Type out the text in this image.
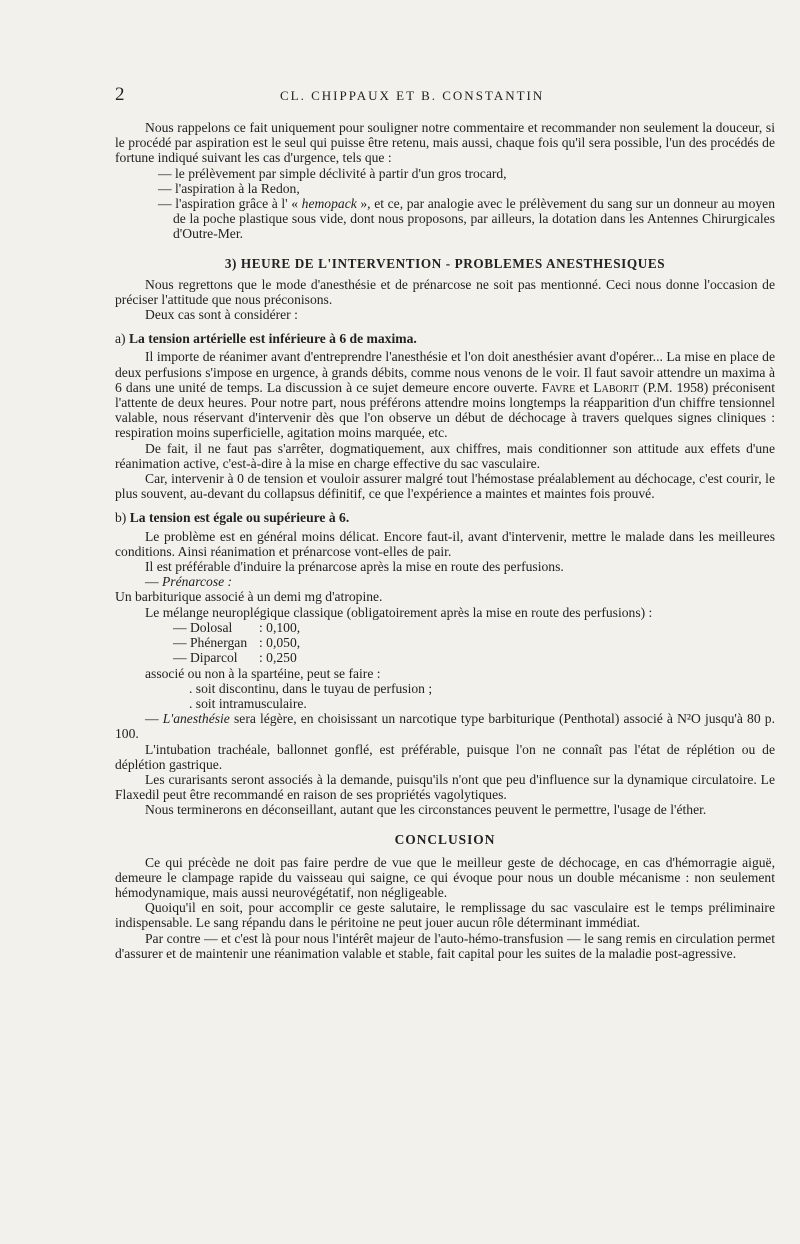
2	CL. CHIPPAUX ET B. CONSTANTIN

Nous rappelons ce fait uniquement pour souligner notre commentaire et recommander non seulement la douceur, si le procédé par aspiration est le seul qui puisse être retenu, mais aussi, chaque fois qu'il sera possible, l'un des procédés de fortune indiqué suivant les cas d'urgence, tels que :

— le prélèvement par simple déclivité à partir d'un gros trocard,

— l'aspiration à la Redon,

— l'aspiration grâce à l' « hemopack », et ce, par analogie avec le prélèvement du sang sur un donneur au moyen de la poche plastique sous vide, dont nous proposons, par ailleurs, la dotation dans les Antennes Chirurgicales d'Outre-Mer.

3) HEURE DE L'INTERVENTION - PROBLEMES ANESTHESIQUES

Nous regrettons que le mode d'anesthésie et de prénarcose ne soit pas mentionné. Ceci nous donne l'occasion de préciser l'attitude que nous préconisons.

Deux cas sont à considérer :

a) La tension artérielle est inférieure à 6 de maxima.

Il importe de réanimer avant d'entreprendre l'anesthésie et l'on doit anesthésier avant d'opérer... La mise en place de deux perfusions s'impose en urgence, à grands débits, comme nous venons de le voir. Il faut savoir attendre un maxima à 6 dans une unité de temps. La discussion à ce sujet demeure encore ouverte. Favre et Laborit (P.M. 1958) préconisent l'attente de deux heures. Pour notre part, nous préférons attendre moins longtemps la réapparition d'un chiffre tensionnel valable, nous réservant d'intervenir dès que l'on observe un début de déchocage à travers quelques signes cliniques : respiration moins superficielle, agitation moins marquée, etc.

De fait, il ne faut pas s'arrêter, dogmatiquement, aux chiffres, mais conditionner son attitude aux effets d'une réanimation active, c'est-à-dire à la mise en charge effective du sac vasculaire.

Car, intervenir à 0 de tension et vouloir assurer malgré tout l'hémostase préalablement au déchocage, c'est courir, le plus souvent, au-devant du collapsus définitif, ce que l'expérience a maintes et maintes fois prouvé.

b) La tension est égale ou supérieure à 6.

Le problème est en général moins délicat. Encore faut-il, avant d'intervenir, mettre le malade dans les meilleures conditions. Ainsi réanimation et prénarcose vont-elles de pair.

Il est préférable d'induire la prénarcose après la mise en route des perfusions.

— Prénarcose :

Un barbiturique associé à un demi mg d'atropine.

Le mélange neuroplégique classique (obligatoirement après la mise en route des perfusions) :

— Dolosal	: 0,100,
— Phénergan : 0,050,
— Diparcol	: 0,250

associé ou non à la spartéine, peut se faire :

. soit discontinu, dans le tuyau de perfusion ;
. soit intramusculaire.

— L'anesthésie sera légère, en choisissant un narcotique type barbiturique (Penthotal) associé à N²O jusqu'à 80 p. 100.

L'intubation trachéale, ballonnet gonflé, est préférable, puisque l'on ne connaît pas l'état de réplétion ou de déplétion gastrique.

Les curarisants seront associés à la demande, puisqu'ils n'ont que peu d'influence sur la dynamique circulatoire. Le Flaxedil peut être recommandé en raison de ses propriétés vagolytiques.

Nous terminerons en déconseillant, autant que les circonstances peuvent le permettre, l'usage de l'éther.

CONCLUSION

Ce qui précède ne doit pas faire perdre de vue que le meilleur geste de déchocage, en cas d'hémorragie aiguë, demeure le clampage rapide du vaisseau qui saigne, ce qui évoque pour nous un double mécanisme : non seulement hémodynamique, mais aussi neurovégétatif, non négligeable.

Quoiqu'il en soit, pour accomplir ce geste salutaire, le remplissage du sac vasculaire est le temps préliminaire indispensable. Le sang répandu dans le péritoine ne peut jouer aucun rôle déterminant immédiat.

Par contre — et c'est là pour nous l'intérêt majeur de l'auto-hémo-transfusion — le sang remis en circulation permet d'assurer et de maintenir une réanimation valable et stable, fait capital pour les suites de la maladie post-agressive.
